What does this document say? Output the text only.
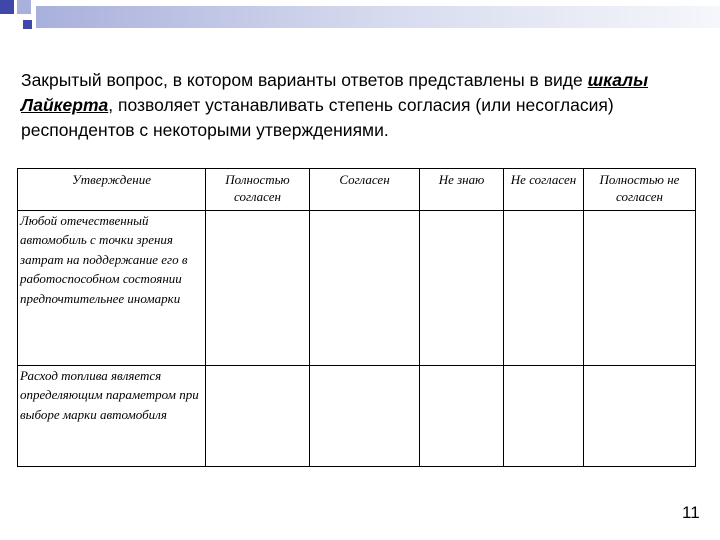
Закрытый вопрос, в котором варианты ответов представлены в виде шкалы Лайкерта, позволяет устанавливать степень согласия (или несогласия) респондентов с некоторыми утверждениями.
Утверждение	Полностью согласен	Согласен	Не знаю	Не согласен	Полностью не согласен
Любой отечественный автомобиль с точки зрения затрат на поддержание его в работоспособном состоянии предпочтительнее иномарки					
Расход топлива является определяющим параметром при выборе марки автомобиля					
11
